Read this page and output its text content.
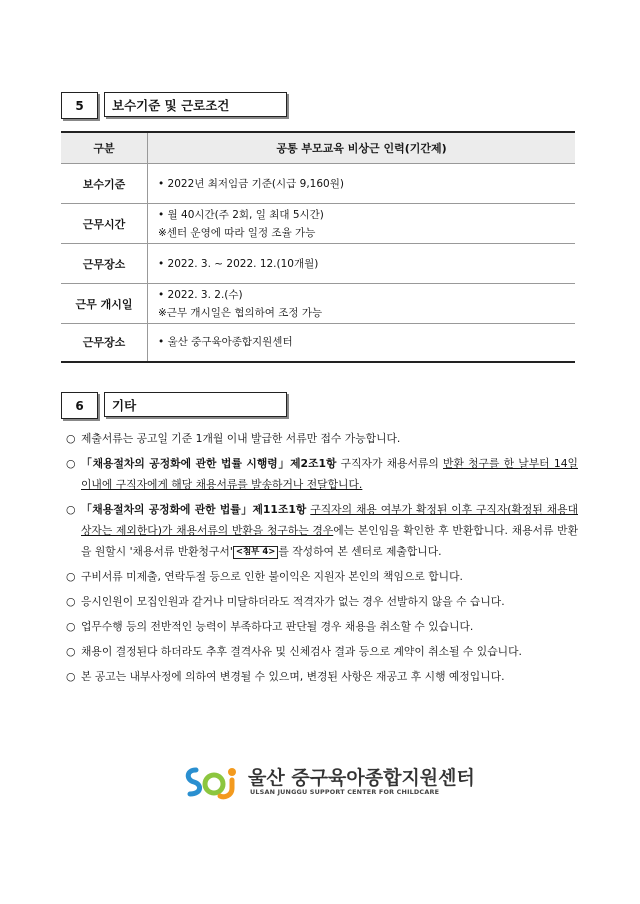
5	보수기준 및 근로조건
구분	공통 부모교육 비상근 인력(기간제)
보수기준	• 2022년 최저임금 기준(시급 9,160원)

근무시간	• 월 40시간(주 2회, 일 최대 5시간)
※센터 운영에 따라 일정 조율 가능

근무장소	• 2022. 3. ~ 2022. 12.(10개월)

근무 개시일	• 2022. 3. 2.(수)
※근무 개시일은 협의하여 조정 가능

근무장소	• 울산 중구육아종합지원센터
6	기타
○ 제출서류는 공고일 기준 1개월 이내 발급한 서류만 접수 가능합니다.
○ 「채용절차의 공정화에 관한 법률 시행령」제2조1항 구직자가 채용서류의 반환 청구를 한 날부터 14일 이내에 구직자에게 해당 채용서류를 발송하거나 전달합니다.
○ 「채용절차의 공정화에 관한 법률」제11조1항 구직자의 채용 여부가 확정된 이후 구직자(확정된 채용대상자는 제외한다)가 채용서류의 반환을 청구하는 경우에는 본인임을 확인한 후 반환합니다. 채용서류 반환을 원할시 '채용서류 반환청구서' <첨부 4> 를 작성하여 본 센터로 제출합니다.
○ 구비서류 미제출, 연락두절 등으로 인한 불이익은 지원자 본인의 책임으로 합니다.
○ 응시인원이 모집인원과 같거나 미달하더라도 적격자가 없는 경우 선발하지 않을 수 습니다.
○ 업무수행 등의 전반적인 능력이 부족하다고 판단될 경우 채용을 취소할 수 있습니다.
○ 채용이 결정된다 하더라도 추후 결격사유 및 신체검사 결과 등으로 계약이 취소될 수 있습니다.
○ 본 공고는 내부사정에 의하여 변경될 수 있으며, 변경된 사항은 재공고 후 시행 예정입니다.
울산 중구육아종합지원센터
ULSAN JUNGGU SUPPORT CENTER FOR CHILDCARE
